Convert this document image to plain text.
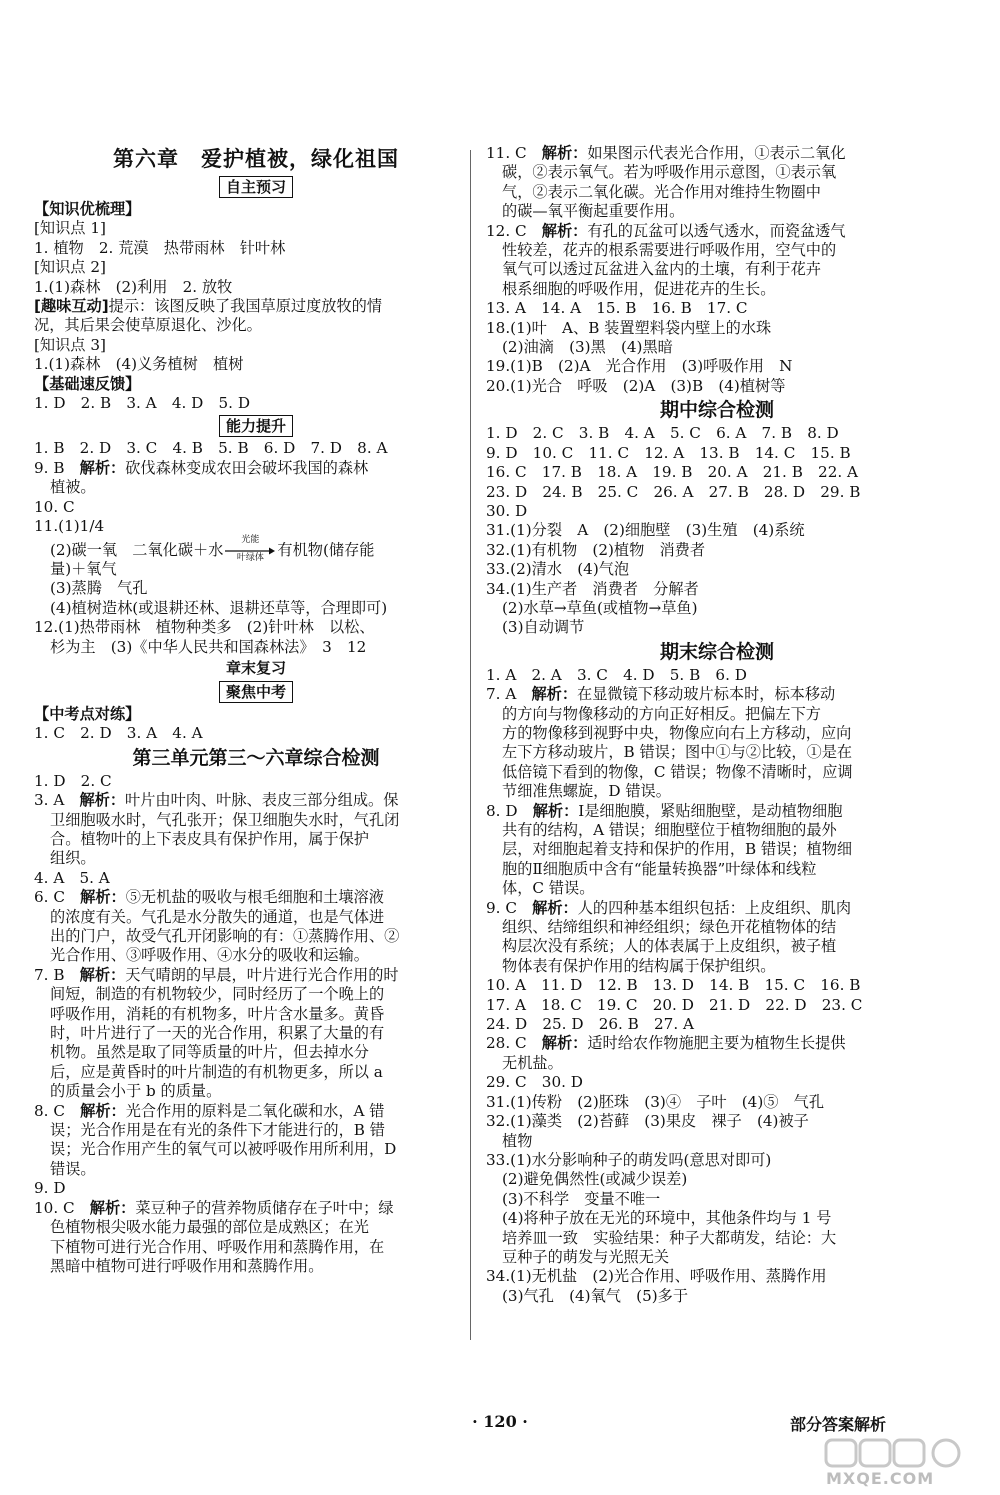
第六章　爱护植被，绿化祖国
自主预习
【知识优梳理】
[知识点 1]
1. 植物　2. 荒漠　热带雨林　针叶林
[知识点 2]
1.(1)森林　(2)利用　2. 放牧
[趣味互动]提示：该图反映了我国草原过度放牧的情
况，其后果会使草原退化、沙化。
[知识点 3]
1.(1)森林　(4)义务植树　植树
【基础速反馈】
1. D　2. B　3. A　4. D　5. D
能力提升
1. B　2. D　3. C　4. B　5. B　6. D　7. D　8. A
9. B　解析：砍伐森林变成农田会破坏我国的森林
植被。
10. C
11.(1)1/4
(2)碳一氧　二氧化碳＋水
光能
叶绿体 有机物(储存能
量)＋氧气
(3)蒸腾　气孔
(4)植树造林(或退耕还林、退耕还草等，合理即可)
12.(1)热带雨林　植物种类多　(2)针叶林　以松、
杉为主　(3)《中华人民共和国森林法》　3　12
章末复习
聚焦中考
【中考点对练】
1. C　2. D　3. A　4. A
第三单元第三～六章综合检测
1. D　2. C
3. A　解析：叶片由叶肉、叶脉、表皮三部分组成。保
卫细胞吸水时，气孔张开；保卫细胞失水时，气孔闭
合。植物叶的上下表皮具有保护作用，属于保护
组织。
4. A　5. A
6. C　解析：⑤无机盐的吸收与根毛细胞和土壤溶液
的浓度有关。气孔是水分散失的通道，也是气体进
出的门户，故受气孔开闭影响的有：①蒸腾作用、②
光合作用、③呼吸作用、④水分的吸收和运输。
7. B　解析：天气晴朗的早晨，叶片进行光合作用的时
间短，制造的有机物较少，同时经历了一个晚上的
呼吸作用，消耗的有机物多，叶片含水量多。黄昏
时，叶片进行了一天的光合作用，积累了大量的有
机物。虽然是取了同等质量的叶片，但去掉水分
后，应是黄昏时的叶片制造的有机物更多，所以 a
的质量会小于 b 的质量。
8. C　解析：光合作用的原料是二氧化碳和水，A 错
误；光合作用是在有光的条件下才能进行的，B 错
误；光合作用产生的氧气可以被呼吸作用所利用，D
错误。
9. D
10. C　解析：菜豆种子的营养物质储存在子叶中；绿
色植物根尖吸水能力最强的部位是成熟区；在光
下植物可进行光合作用、呼吸作用和蒸腾作用，在
黑暗中植物可进行呼吸作用和蒸腾作用。
11. C　解析：如果图示代表光合作用，①表示二氧化
碳，②表示氧气。若为呼吸作用示意图，①表示氧
气，②表示二氧化碳。光合作用对维持生物圈中
的碳—氧平衡起重要作用。
12. C　解析：有孔的瓦盆可以透气透水，而瓷盆透气
性较差，花卉的根系需要进行呼吸作用，空气中的
氧气可以透过瓦盆进入盆内的土壤，有利于花卉
根系细胞的呼吸作用，促进花卉的生长。
13. A　14. A　15. B　16. B　17. C
18.(1)叶　A、B 装置塑料袋内壁上的水珠
(2)油滴　(3)黑　(4)黑暗
19.(1)B　(2)A　光合作用　(3)呼吸作用　N
20.(1)光合　呼吸　(2)A　(3)B　(4)植树等
期中综合检测
1. D　2. C　3. B　4. A　5. C　6. A　7. B　8. D
9. D　10. C　11. C　12. A　13. B　14. C　15. B
16. C　17. B　18. A　19. B　20. A　21. B　22. A
23. D　24. B　25. C　26. A　27. B　28. D　29. B
30. D
31.(1)分裂　A　(2)细胞壁　(3)生殖　(4)系统
32.(1)有机物　(2)植物　消费者
33.(2)清水　(4)气泡
34.(1)生产者　消费者　分解者
(2)水草→草鱼(或植物→草鱼)
(3)自动调节
期末综合检测
1. A　2. A　3. C　4. D　5. B　6. D
7. A　解析：在显微镜下移动玻片标本时，标本移动
的方向与物像移动的方向正好相反。把偏左下方
方的物像移到视野中央，物像应向右上方移动，应向
左下方移动玻片，B 错误；图中①与②比较，①是在
低倍镜下看到的物像，C 错误；物像不清晰时，应调
节细准焦螺旋，D 错误。
8. D　解析：Ⅰ是细胞膜，紧贴细胞壁，是动植物细胞
共有的结构，A 错误；细胞壁位于植物细胞的最外
层，对细胞起着支持和保护的作用，B 错误；植物细
胞的Ⅱ细胞质中含有“能量转换器”叶绿体和线粒
体，C 错误。
9. C　解析：人的四种基本组织包括：上皮组织、肌肉
组织、结缔组织和神经组织；绿色开花植物体的结
构层次没有系统；人的体表属于上皮组织，被子植
物体表有保护作用的结构属于保护组织。
10. A　11. D　12. B　13. D　14. B　15. C　16. B
17. A　18. C　19. C　20. D　21. D　22. D　23. C
24. D　25. D　26. B　27. A
28. C　解析：适时给农作物施肥主要为植物生长提供
无机盐。
29. C　30. D
31.(1)传粉　(2)胚珠　(3)④　子叶　(4)⑤　气孔
32.(1)藻类　(2)苔藓　(3)果皮　裸子　(4)被子
植物
33.(1)水分影响种子的萌发吗(意思对即可)
(2)避免偶然性(或减少误差)
(3)不科学　变量不唯一
(4)将种子放在无光的环境中，其他条件均与 1 号
培养皿一致　实验结果：种子大都萌发，结论：大
豆种子的萌发与光照无关
34.(1)无机盐　(2)光合作用、呼吸作用、蒸腾作用
(3)气孔　(4)氧气　(5)多于
· 120 ·	部分答案解析
MXQE.COM
